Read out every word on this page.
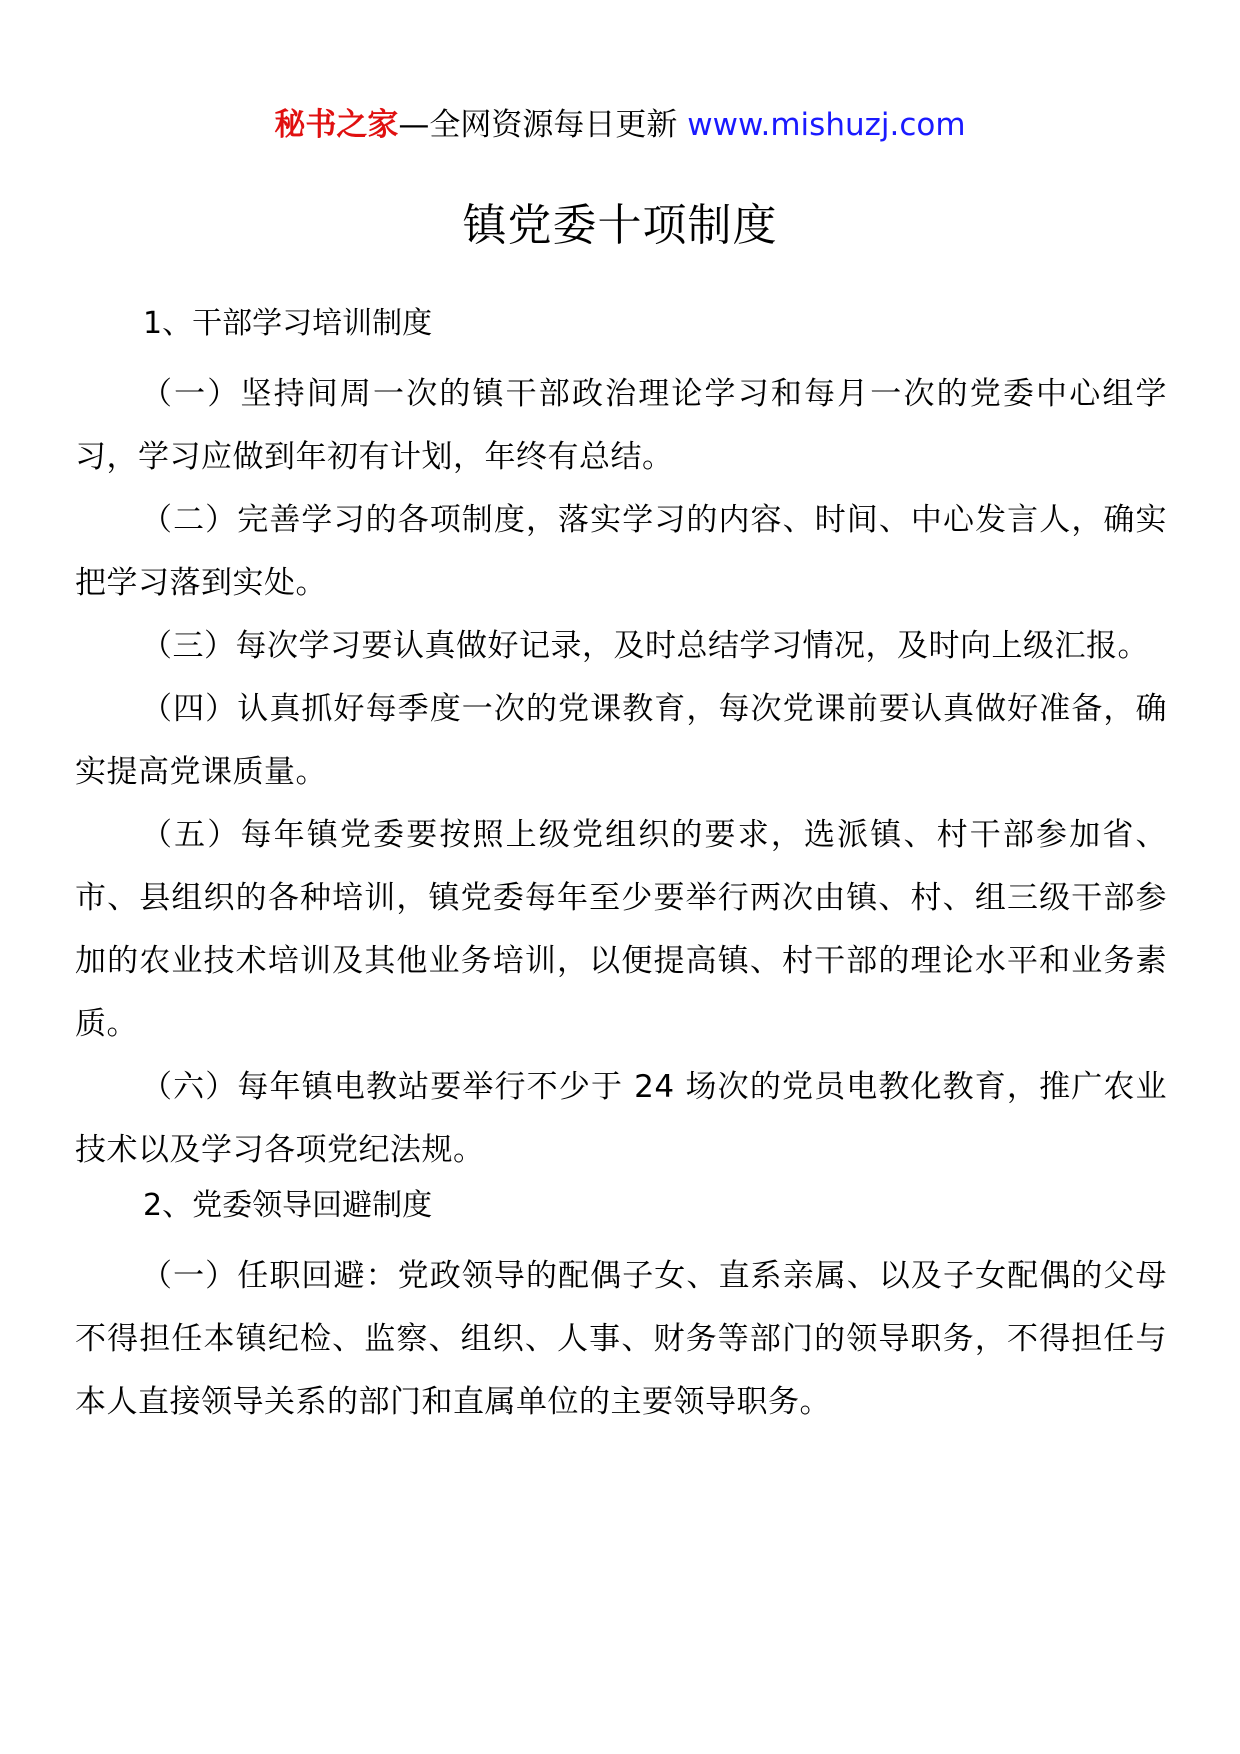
秘书之家—全网资源每日更新 www.mishuzj.com
镇党委十项制度

1、干部学习培训制度

（一）坚持间周一次的镇干部政治理论学习和每月一次的党委中心组学习，学习应做到年初有计划，年终有总结。

（二）完善学习的各项制度，落实学习的内容、时间、中心发言人，确实把学习落到实处。

（三）每次学习要认真做好记录，及时总结学习情况，及时向上级汇报。

（四）认真抓好每季度一次的党课教育，每次党课前要认真做好准备，确实提高党课质量。

（五）每年镇党委要按照上级党组织的要求，选派镇、村干部参加省、市、县组织的各种培训，镇党委每年至少要举行两次由镇、村、组三级干部参加的农业技术培训及其他业务培训，以便提高镇、村干部的理论水平和业务素质。

（六）每年镇电教站要举行不少于 24 场次的党员电教化教育，推广农业技术以及学习各项党纪法规。

2、党委领导回避制度

（一）任职回避：党政领导的配偶子女、直系亲属、以及子女配偶的父母不得担任本镇纪检、监察、组织、人事、财务等部门的领导职务，不得担任与本人直接领导关系的部门和直属单位的主要领导职务。
